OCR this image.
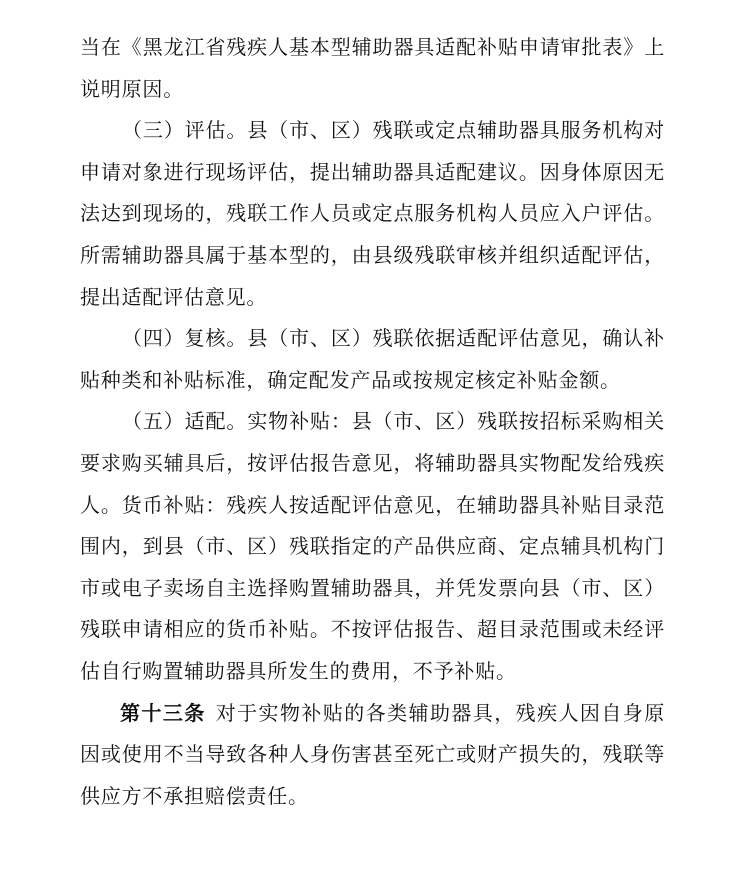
当在《黑龙江省残疾人基本型辅助器具适配补贴申请审批表》上
说明原因。
（三）评估。县（市、区）残联或定点辅助器具服务机构对
申请对象进行现场评估，提出辅助器具适配建议。因身体原因无
法达到现场的，残联工作人员或定点服务机构人员应入户评估。
所需辅助器具属于基本型的，由县级残联审核并组织适配评估，
提出适配评估意见。
（四）复核。县（市、区）残联依据适配评估意见，确认补
贴种类和补贴标准，确定配发产品或按规定核定补贴金额。
（五）适配。实物补贴：县（市、区）残联按招标采购相关
要求购买辅具后，按评估报告意见，将辅助器具实物配发给残疾
人。货币补贴：残疾人按适配评估意见，在辅助器具补贴目录范
围内，到县（市、区）残联指定的产品供应商、定点辅具机构门
市或电子卖场自主选择购置辅助器具，并凭发票向县（市、区）
残联申请相应的货币补贴。不按评估报告、超目录范围或未经评
估自行购置辅助器具所发生的费用，不予补贴。
第十三条 对于实物补贴的各类辅助器具，残疾人因自身原
因或使用不当导致各种人身伤害甚至死亡或财产损失的，残联等
供应方不承担赔偿责任。
